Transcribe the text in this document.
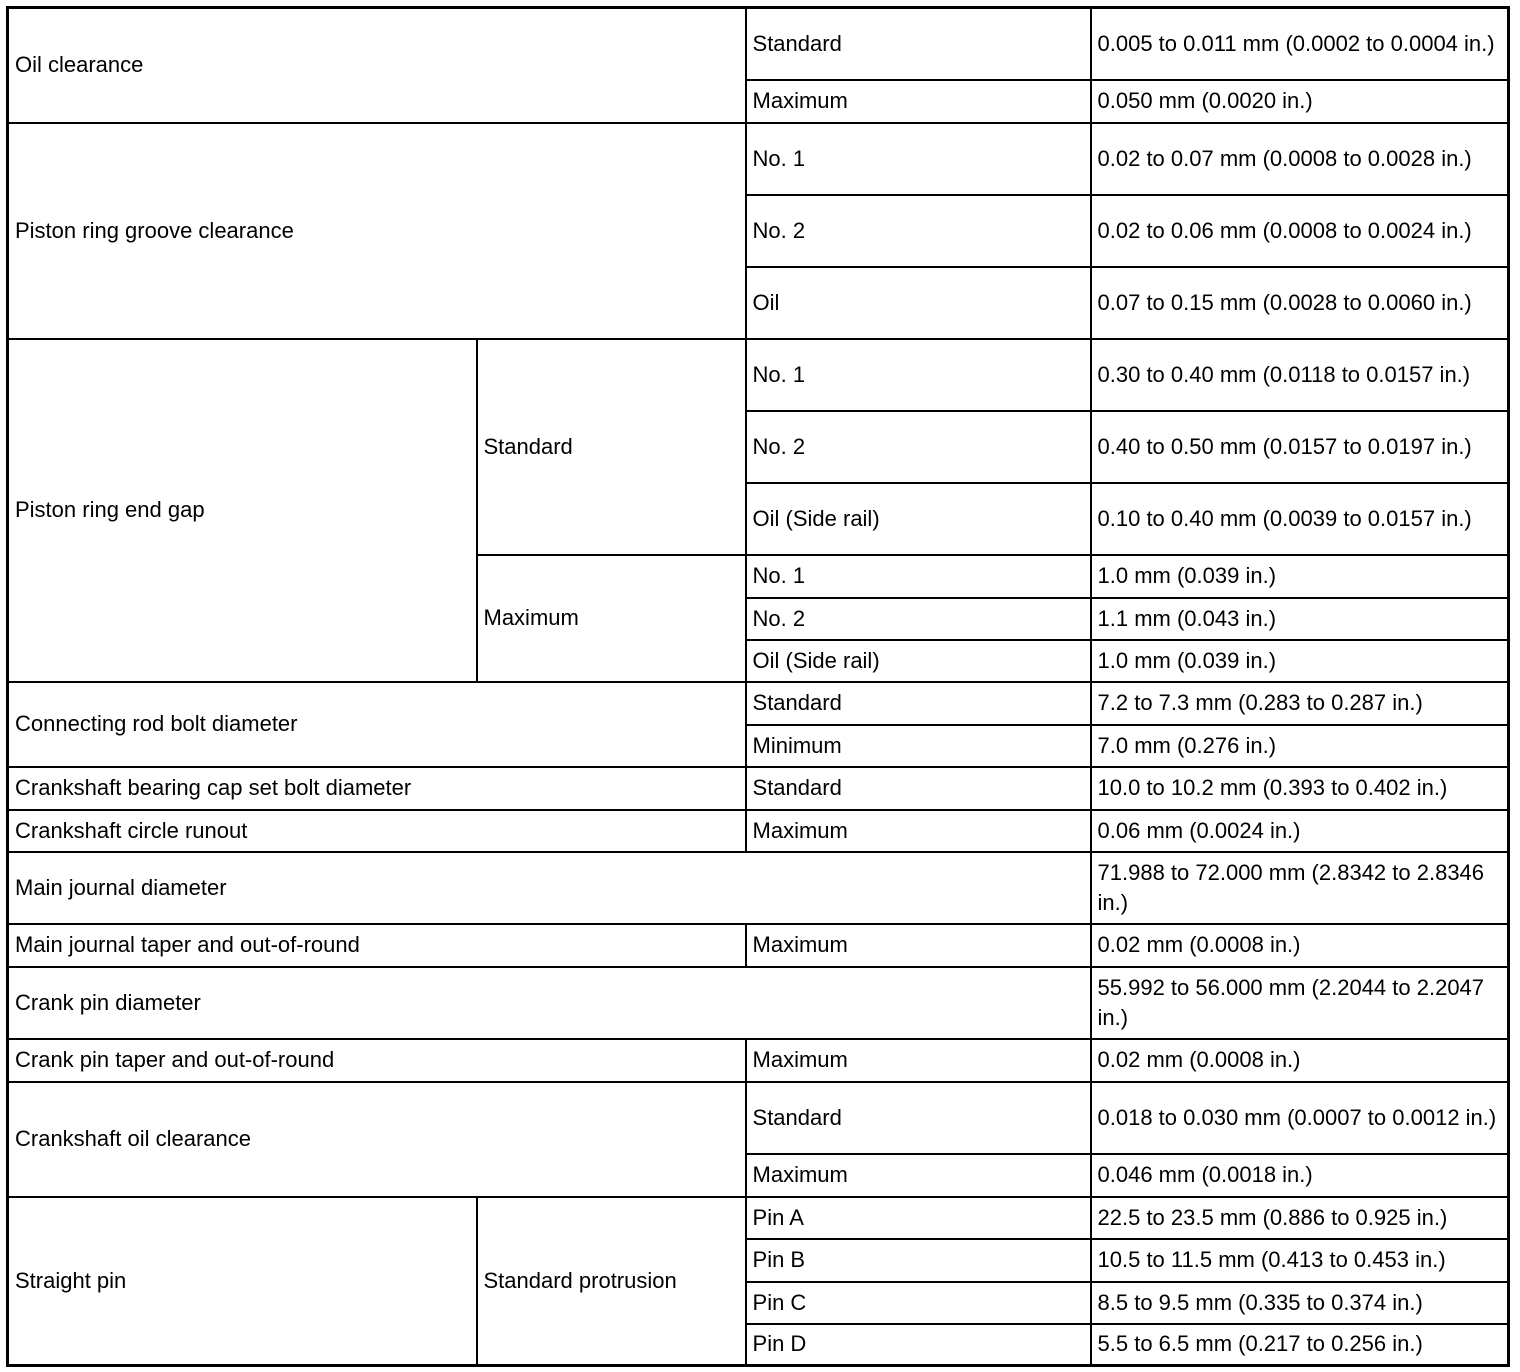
Oil clearance		Standard	0.005 to 0.011 mm (0.0002 to 0.0004 in.)
		Maximum	0.050 mm (0.0020 in.)
Piston ring groove clearance		No. 1	0.02 to 0.07 mm (0.0008 to 0.0028 in.)
		No. 2	0.02 to 0.06 mm (0.0008 to 0.0024 in.)
		Oil	0.07 to 0.15 mm (0.0028 to 0.0060 in.)
Piston ring end gap	Standard	No. 1	0.30 to 0.40 mm (0.0118 to 0.0157 in.)
		No. 2	0.40 to 0.50 mm (0.0157 to 0.0197 in.)
		Oil (Side rail)	0.10 to 0.40 mm (0.0039 to 0.0157 in.)
	Maximum	No. 1	1.0 mm (0.039 in.)
		No. 2	1.1 mm (0.043 in.)
		Oil (Side rail)	1.0 mm (0.039 in.)
Connecting rod bolt diameter		Standard	7.2 to 7.3 mm (0.283 to 0.287 in.)
		Minimum	7.0 mm (0.276 in.)
Crankshaft bearing cap set bolt diameter		Standard	10.0 to 10.2 mm (0.393 to 0.402 in.)
Crankshaft circle runout		Maximum	0.06 mm (0.0024 in.)
Main journal diameter			71.988 to 72.000 mm (2.8342 to 2.8346 in.)
Main journal taper and out-of-round		Maximum	0.02 mm (0.0008 in.)
Crank pin diameter			55.992 to 56.000 mm (2.2044 to 2.2047 in.)
Crank pin taper and out-of-round		Maximum	0.02 mm (0.0008 in.)
Crankshaft oil clearance		Standard	0.018 to 0.030 mm (0.0007 to 0.0012 in.)
		Maximum	0.046 mm (0.0018 in.)
Straight pin	Standard protrusion	Pin A	22.5 to 23.5 mm (0.886 to 0.925 in.)
		Pin B	10.5 to 11.5 mm (0.413 to 0.453 in.)
		Pin C	8.5 to 9.5 mm (0.335 to 0.374 in.)
		Pin D	5.5 to 6.5 mm (0.217 to 0.256 in.)
